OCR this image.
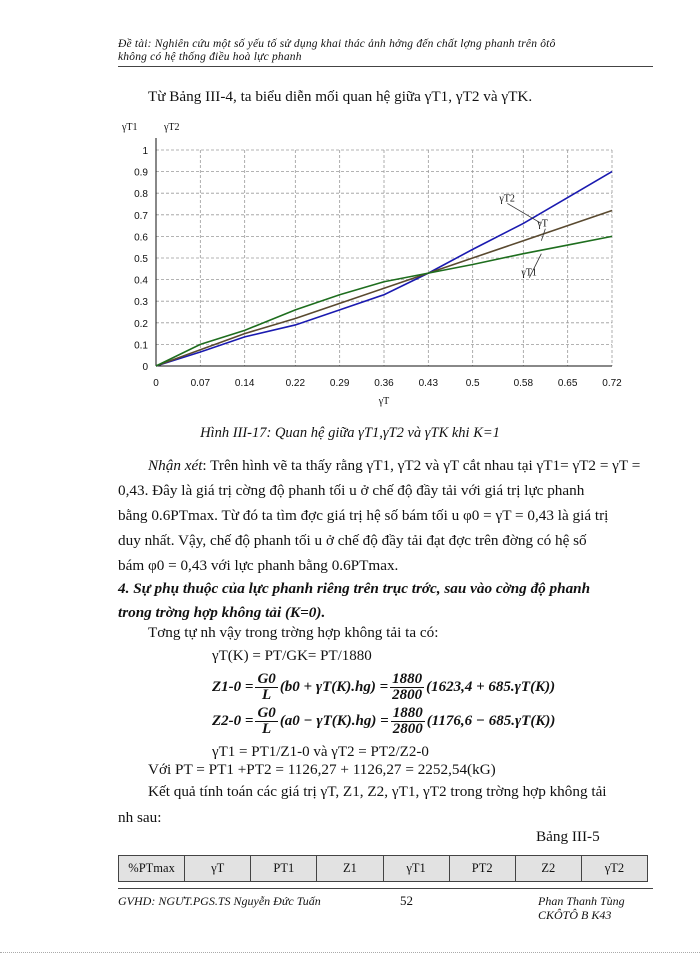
Đề tài: Nghiên cứu một số yếu tố sử dụng khai thác ảnh hởng đến chất lợng phanh trên ôtô
không có hệ thống điều hoà lực phanh
Từ Bảng III-4, ta biểu diễn mối quan hệ giữa γT1, γT2 và γTK.
0
0.1
0.2
0.3
0.4
0.5
0.6
0.7
0.8
0.9
1
0	0.07 0.14	0.22 0.29 0.36 0.43	0.5	0.58 0.65 0.72
γT1	γT2
γT
γT2
γT
γT1
Hình III-17: Quan hệ giữa γT1,γT2 và γTK khi K=1
Nhận xét: Trên hình vẽ ta thấy rằng γT1, γT2 và γT cắt nhau tại γT1= γT2 = γT =
0,43. Đây là giá trị cờng độ phanh tối u ở chế độ đầy tải với giá trị lực phanh
bằng 0.6PTmax. Từ đó ta tìm đợc giá trị hệ số bám tối u φ0 = γT = 0,43 là giá trị
duy nhất. Vậy, chế độ phanh tối u ở chế độ đầy tải đạt đợc trên đờng có hệ số
bám φ0 = 0,43 với lực phanh bằng 0.6PTmax.
4. Sự phụ thuộc của lực phanh riêng trên trục trớc, sau vào cờng độ phanh
trong trờng hợp không tải (K=0).
Tơng tự nh vậy trong trờng hợp không tải ta có:
γT(K) = PT/GK= PT/1880
$Z1-0 = \frac{G0}{L} (b0 + \gamma T(K).hg) = \frac{1880}{2800} (1623,4 + 685.\gamma T(K))$
$Z2-0 = \frac{G0}{L} (a0 - \gamma T(K).hg) = \frac{1880}{2800} (1176,6 - 685.\gamma T(K))$
γT1 = PT1/Z1-0 và γT2 = PT2/Z2-0
Với PT = PT1 +PT2 = 1126,27 + 1126,27 = 2252,54(kG)
Kết quả tính toán các giá trị γT, Z1, Z2, γT1, γT2 trong trờng hợp không tải
nh sau:
Bảng III-5
%PTmax	γT	PT1	Z1	γT1	PT2	Z2	γT2
GVHD: NGƯT.PGS.TS Nguyễn Đức Tuấn	52	Phan Thanh Tùng
CKÔTÔ B K43
